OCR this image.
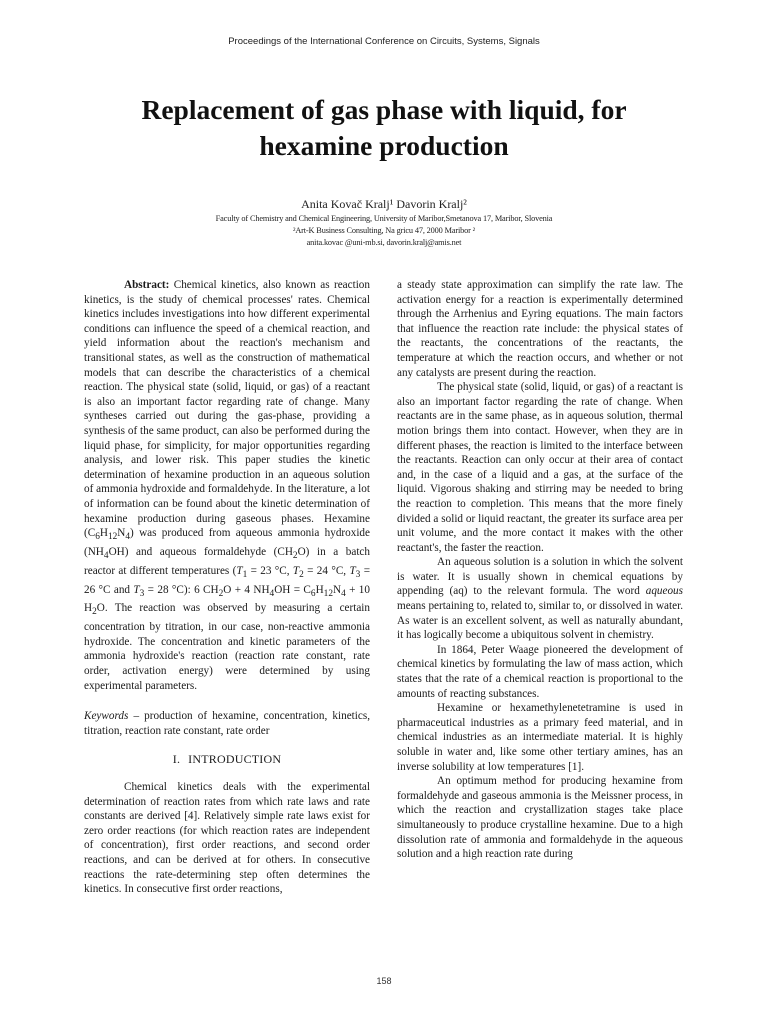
Proceedings of the International Conference on Circuits, Systems, Signals
Replacement of gas phase with liquid, for
hexamine production
Anita Kovač Kralj¹ Davorin Kralj²
Faculty of Chemistry and Chemical Engineering, University of Maribor,Smetanova 17, Maribor, Slovenia
²Art-K Business Consulting, Na gricu 47, 2000 Maribor ²
anita.kovac @uni-mb.si, davorin.kralj@amis.net

Abstract: Chemical kinetics, also known as reaction kinetics, is the study of chemical processes' rates. Chemical kinetics includes investigations into how different experimental conditions can influence the speed of a chemical reaction, and yield information about the reaction's mechanism and transitional states, as well as the construction of mathematical models that can describe the characteristics of a chemical reaction. The physical state (solid, liquid, or gas) of a reactant is also an important factor regarding rate of change. Many syntheses carried out during the gas-phase, providing a synthesis of the same product, can also be performed during the liquid phase, for simplicity, for major opportunities regarding analysis, and lower risk. This paper studies the kinetic determination of hexamine production in an aqueous solution of ammonia hydroxide and formaldehyde. In the literature, a lot of information can be found about the kinetic determination of hexamine production during gaseous phases. Hexamine $(C_6H_{12}N_4)$ was produced from aqueous ammonia hydroxide $(NH_4OH)$ and aqueous formaldehyde $(CH_2O)$ in a batch reactor at different temperatures ($T_1 = 23$ °C, $T_2 = 24$ °C, $T_3 = 26$ °C and $T_3 = 28$ °C): 6 $CH_2O + 4$ $NH_4OH = C_6H_{12}N_4 + 10$ $H_2O$. The reaction was observed by measuring a certain concentration by titration, in our case, non-reactive ammonia hydroxide. The concentration and kinetic parameters of the ammonia hydroxide's reaction (reaction rate constant, rate order, activation energy) were determined by using experimental parameters.

Keywords – production of hexamine, concentration, kinetics, titration, reaction rate constant, rate order

I. INTRODUCTION

Chemical kinetics deals with the experimental determination of reaction rates from which rate laws and rate constants are derived [4]. Relatively simple rate laws exist for zero order reactions (for which reaction rates are independent of concentration), first order reactions, and second order reactions, and can be derived at for others. In consecutive reactions the rate-determining step often determines the kinetics. In consecutive first order reactions,

a steady state approximation can simplify the rate law. The activation energy for a reaction is experimentally determined through the Arrhenius and Eyring equations. The main factors that influence the reaction rate include: the physical states of the reactants, the concentrations of the reactants, the temperature at which the reaction occurs, and whether or not any catalysts are present during the reaction.

The physical state (solid, liquid, or gas) of a reactant is also an important factor regarding the rate of change. When reactants are in the same phase, as in aqueous solution, thermal motion brings them into contact. However, when they are in different phases, the reaction is limited to the interface between the reactants. Reaction can only occur at their area of contact and, in the case of a liquid and a gas, at the surface of the liquid. Vigorous shaking and stirring may be needed to bring the reaction to completion. This means that the more finely divided a solid or liquid reactant, the greater its surface area per unit volume, and the more contact it makes with the other reactant's, the faster the reaction.

An aqueous solution is a solution in which the solvent is water. It is usually shown in chemical equations by appending (aq) to the relevant formula. The word aqueous means pertaining to, related to, similar to, or dissolved in water. As water is an excellent solvent, as well as naturally abundant, it has logically become a ubiquitous solvent in chemistry.

In 1864, Peter Waage pioneered the development of chemical kinetics by formulating the law of mass action, which states that the rate of a chemical reaction is proportional to the amounts of reacting substances.

Hexamine or hexamethylenetetramine is used in pharmaceutical industries as a primary feed material, and in chemical industries as an intermediate material. It is highly soluble in water and, like some other tertiary amines, has an inverse solubility at low temperatures [1].

An optimum method for producing hexamine from formaldehyde and gaseous ammonia is the Meissner process, in which the reaction and crystallization stages take place simultaneously to produce crystalline hexamine. Due to a high dissolution rate of ammonia and formaldehyde in the aqueous solution and a high reaction rate during

158
